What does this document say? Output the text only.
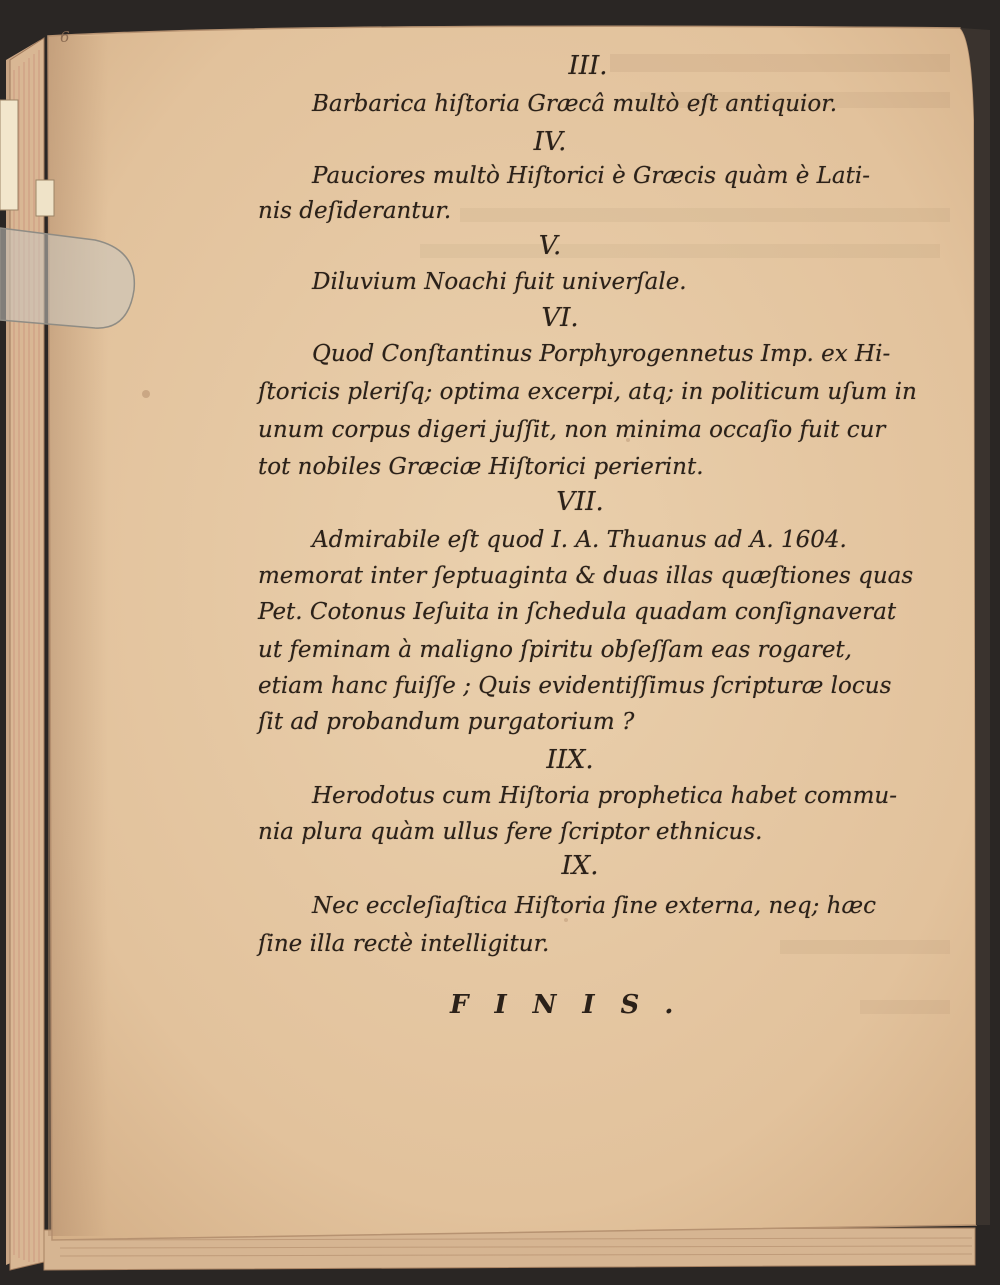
6

III.

Barbarica hiſtoria Græcâ multò eſt antiquior.

IV.

Pauciores multò Hiſtorici è Græcis quàm è Lati-

nis deſiderantur.

V.

Diluvium Noachi fuit univerſale.

VI.

Quod Conſtantinus Porphyrogennetus Imp. ex Hi-

ſtoricis pleriſq; optima excerpi, atq; in politicum uſum in

unum corpus digeri juſſit, non minima occaſio fuit cur

tot nobiles Græciæ Hiſtorici perierint.

VII.

Admirabile eſt quod I. A. Thuanus ad A. 1604.

memorat inter ſeptuaginta & duas illas quæſtiones quas

Pet. Cotonus Ieſuita in ſchedula quadam conſignaverat

ut feminam à maligno ſpiritu obſeſſam eas rogaret,

etiam hanc fuiſſe ; Quis evidentiſſimus ſcripturæ locus

ſit ad probandum purgatorium ?

IIX.

Herodotus cum Hiſtoria prophetica habet commu-

nia plura quàm ullus fere ſcriptor ethnicus.

IX.

Nec eccleſiaſtica Hiſtoria ſine externa, neq; hæc

ſine illa rectè intelligitur.

FINIS.
